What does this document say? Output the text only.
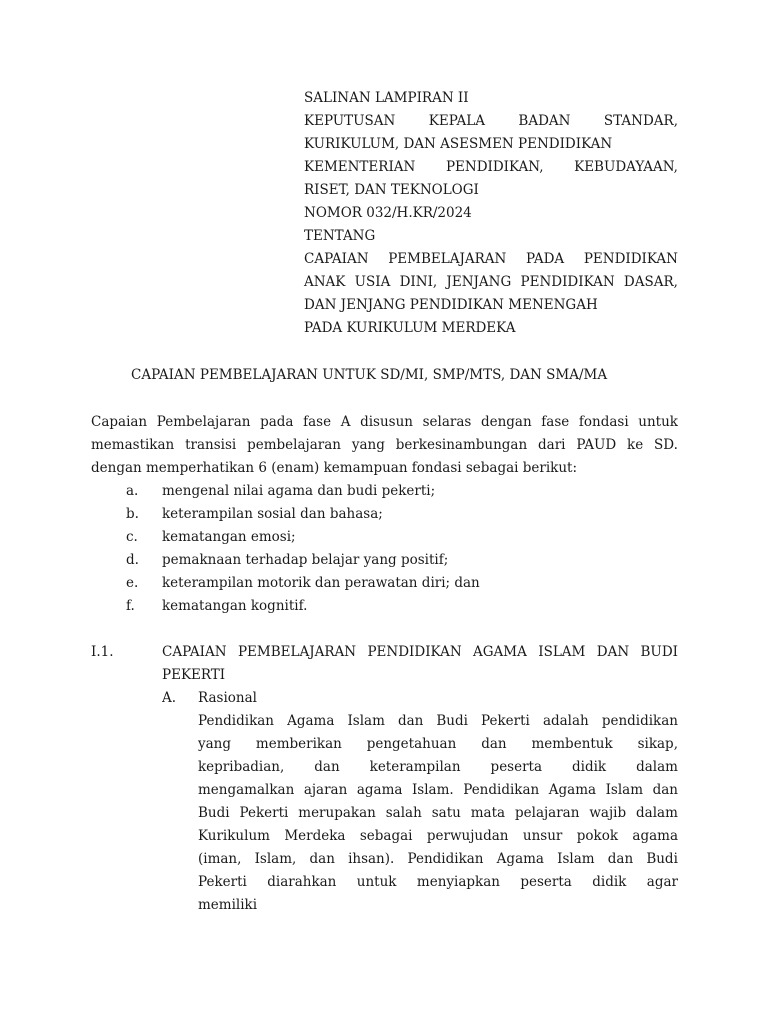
SALINAN LAMPIRAN II
KEPUTUSAN KEPALA BADAN STANDAR,
KURIKULUM, DAN ASESMEN PENDIDIKAN
KEMENTERIAN PENDIDIKAN, KEBUDAYAAN,
RISET, DAN TEKNOLOGI
NOMOR 032/H.KR/2024
TENTANG
CAPAIAN PEMBELAJARAN PADA PENDIDIKAN
ANAK USIA DINI, JENJANG PENDIDIKAN DASAR,
DAN JENJANG PENDIDIKAN MENENGAH
PADA KURIKULUM MERDEKA
CAPAIAN PEMBELAJARAN UNTUK SD/MI, SMP/MTS, DAN SMA/MA
Capaian Pembelajaran pada fase A disusun selaras dengan fase fondasi untuk
memastikan transisi pembelajaran yang berkesinambungan dari PAUD ke SD.
dengan memperhatikan 6 (enam) kemampuan fondasi sebagai berikut:
a. mengenal nilai agama dan budi pekerti;
b. keterampilan sosial dan bahasa;
c. kematangan emosi;
d. pemaknaan terhadap belajar yang positif;
e. keterampilan motorik dan perawatan diri; dan
f. kematangan kognitif.
I.1.	CAPAIAN PEMBELAJARAN PENDIDIKAN AGAMA ISLAM DAN BUDI
PEKERTI
A. Rasional
Pendidikan Agama Islam dan Budi Pekerti adalah pendidikan
yang memberikan pengetahuan dan membentuk sikap,
kepribadian, dan keterampilan peserta didik dalam
mengamalkan ajaran agama Islam. Pendidikan Agama Islam dan
Budi Pekerti merupakan salah satu mata pelajaran wajib dalam
Kurikulum Merdeka sebagai perwujudan unsur pokok agama
(iman, Islam, dan ihsan). Pendidikan Agama Islam dan Budi
Pekerti diarahkan untuk menyiapkan peserta didik agar
memiliki
